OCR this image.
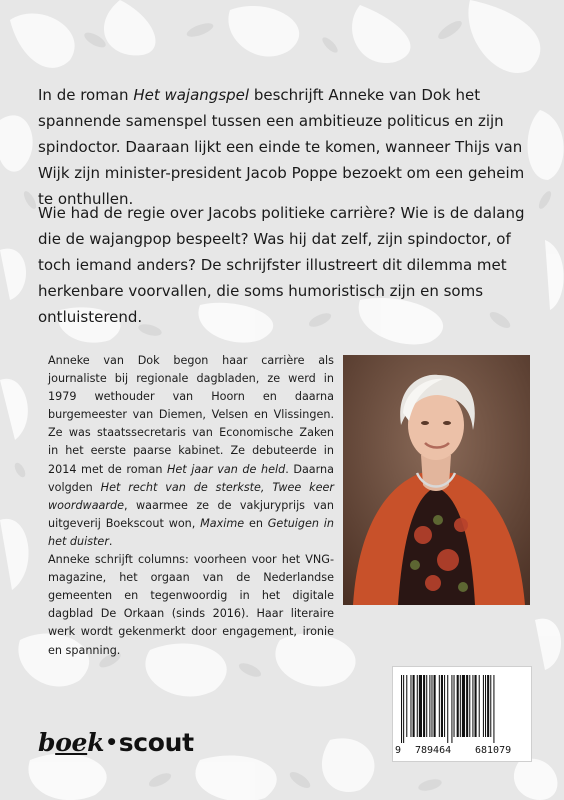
In de roman Het wajangspel beschrijft Anneke van Dok het spannende samenspel tussen een ambitieuze politicus en zijn spindoctor. Daaraan lijkt een einde te komen, wanneer Thijs van Wijk zijn minister-president Jacob Poppe bezoekt om een geheim te onthullen.

Wie had de regie over Jacobs politieke carrière? Wie is de dalang die de wajangpop bespeelt? Was hij dat zelf, zijn spindoctor, of toch iemand anders? De schrijfster illustreert dit dilemma met herkenbare voorvallen, die soms humoristisch zijn en soms ontluisterend.

Anneke van Dok begon haar carrière als journaliste bij regionale dagbladen, ze werd in 1979 wethouder van Hoorn en daarna burgemeester van Diemen, Velsen en Vlissingen. Ze was staatssecretaris van Economische Zaken in het eerste paarse kabinet. Ze debuteerde in 2014 met de roman Het jaar van de held. Daarna volgden Het recht van de sterkste, Twee keer woordwaarde, waarmee ze de vakjuryprijs van uitgeverij Boekscout won, Maxime en Getuigen in het duister.

Anneke schrijft columns: voorheen voor het VNG-magazine, het orgaan van de Nederlandse gemeenten en tegenwoordig in het digitale dagblad De Orkaan (sinds 2016). Haar literaire werk wordt gekenmerkt door engagement, ironie en spanning.

boek•scout	9 789464 681079
